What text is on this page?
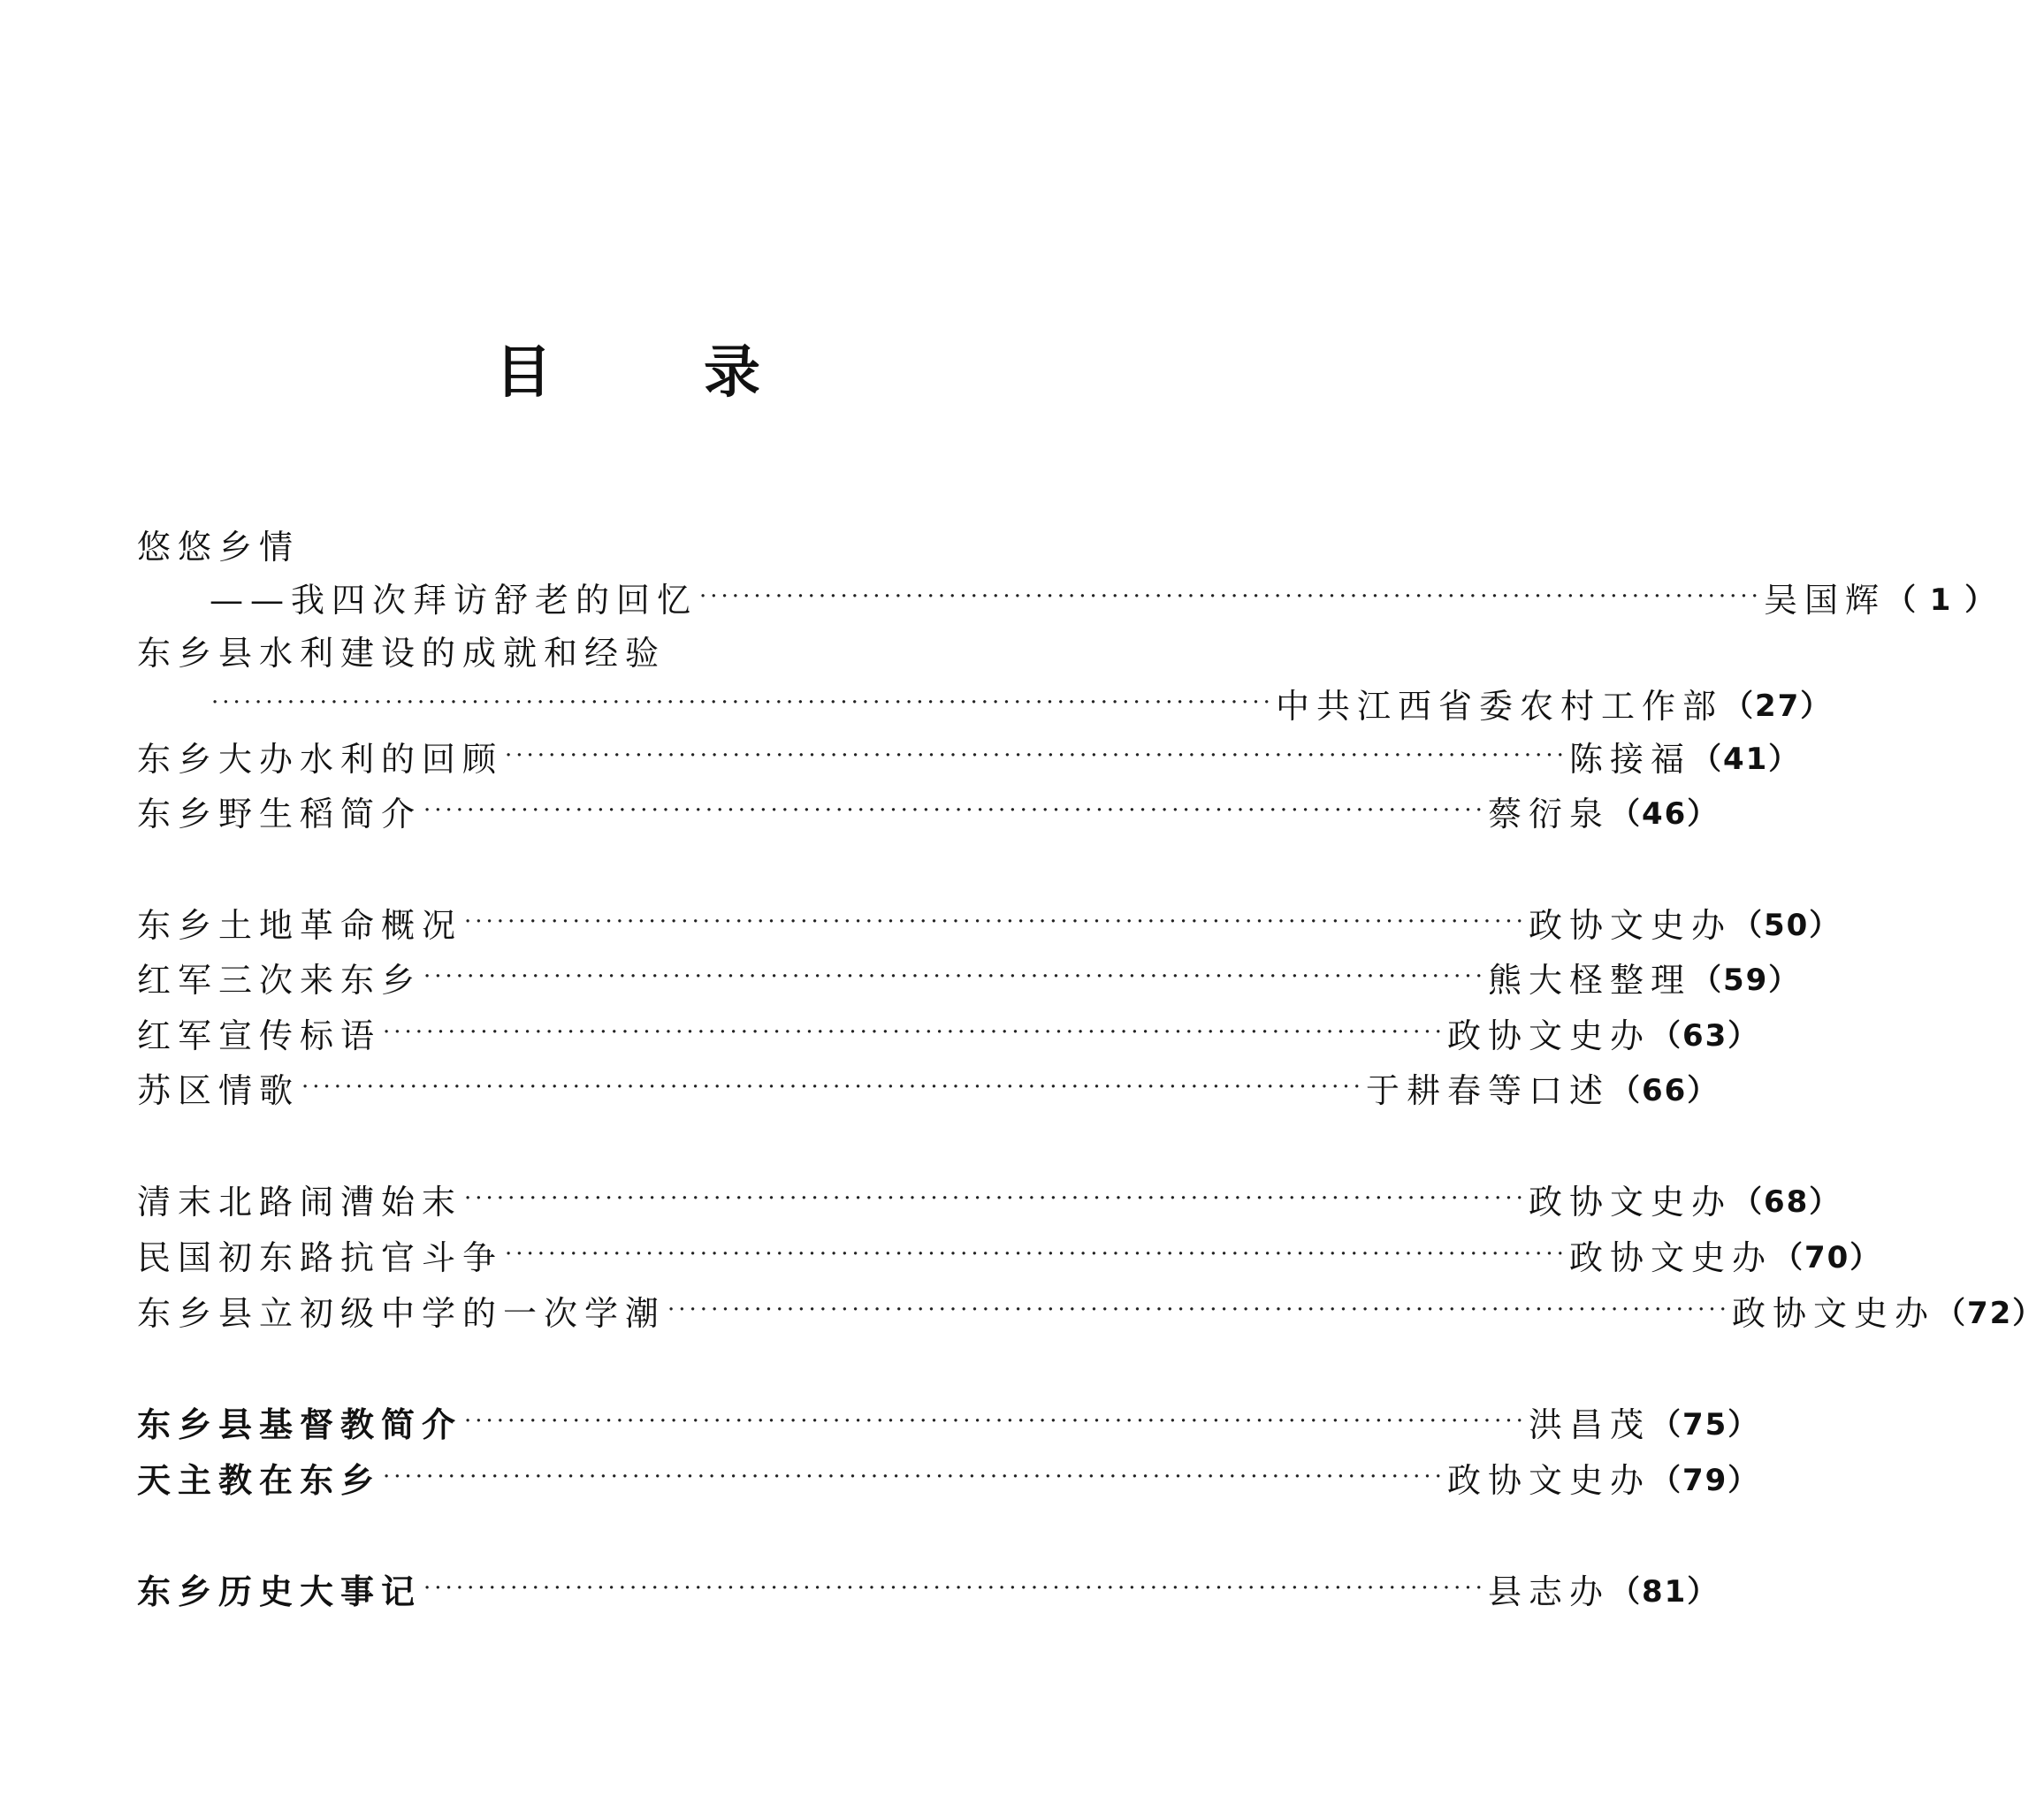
目	录
悠悠乡情
——我四次拜访舒老的回忆 ·································································································· 吴国辉 （ 1 ）
东乡县水利建设的成就和经验
·································································································· 中共江西省委农村工作部 （27）
东乡大办水利的回顾 ·································································································· 陈接福 （41）
东乡野生稻简介 ·································································································· 蔡衍泉 （46）
东乡土地革命概况 ·································································································· 政协文史办 （50）
红军三次来东乡 ·································································································· 熊大柽整理 （59）
红军宣传标语 ·································································································· 政协文史办 （63）
苏区情歌 ·································································································· 于耕春等口述 （66）
清末北路闹漕始末 ·································································································· 政协文史办 （68）
民国初东路抗官斗争 ·································································································· 政协文史办 （70）
东乡县立初级中学的一次学潮 ·································································································· 政协文史办 （72）
东乡县基督教简介 ·································································································· 洪昌茂 （75）
天主教在东乡 ·································································································· 政协文史办 （79）
东乡历史大事记 ·································································································· 县志办 （81）
